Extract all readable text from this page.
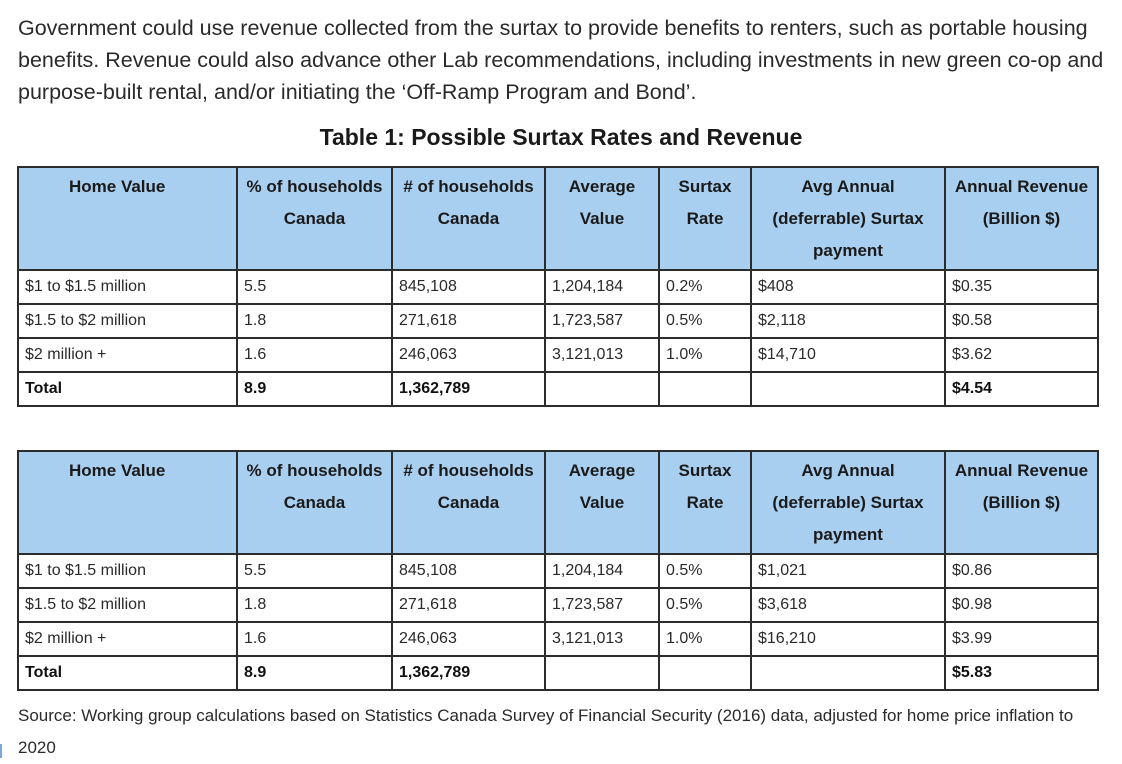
Government could use revenue collected from the surtax to provide benefits to renters, such as portable housing benefits. Revenue could also advance other Lab recommendations, including investments in new green co-op and purpose-built rental, and/or initiating the ‘Off-Ramp Program and Bond’.

Table 1: Possible Surtax Rates and Revenue

Home Value	% of households Canada	# of households Canada	Average Value	Surtax Rate	Avg Annual (deferrable) Surtax payment	Annual Revenue (Billion $)
$1 to $1.5 million	5.5	845,108	1,204,184	0.2%	$408	$0.35
$1.5 to $2 million	1.8	271,618	1,723,587	0.5%	$2,118	$0.58
$2 million +	1.6	246,063	3,121,013	1.0%	$14,710	$3.62
Total	8.9	1,362,789				$4.54
Home Value	% of households Canada	# of households Canada	Average Value	Surtax Rate	Avg Annual (deferrable) Surtax payment	Annual Revenue (Billion $)
$1 to $1.5 million	5.5	845,108	1,204,184	0.5%	$1,021	$0.86
$1.5 to $2 million	1.8	271,618	1,723,587	0.5%	$3,618	$0.98
$2 million +	1.6	246,063	3,121,013	1.0%	$16,210	$3.99
Total	8.9	1,362,789				$5.83

Source: Working group calculations based on Statistics Canada Survey of Financial Security (2016) data, adjusted for home price inflation to 2020
